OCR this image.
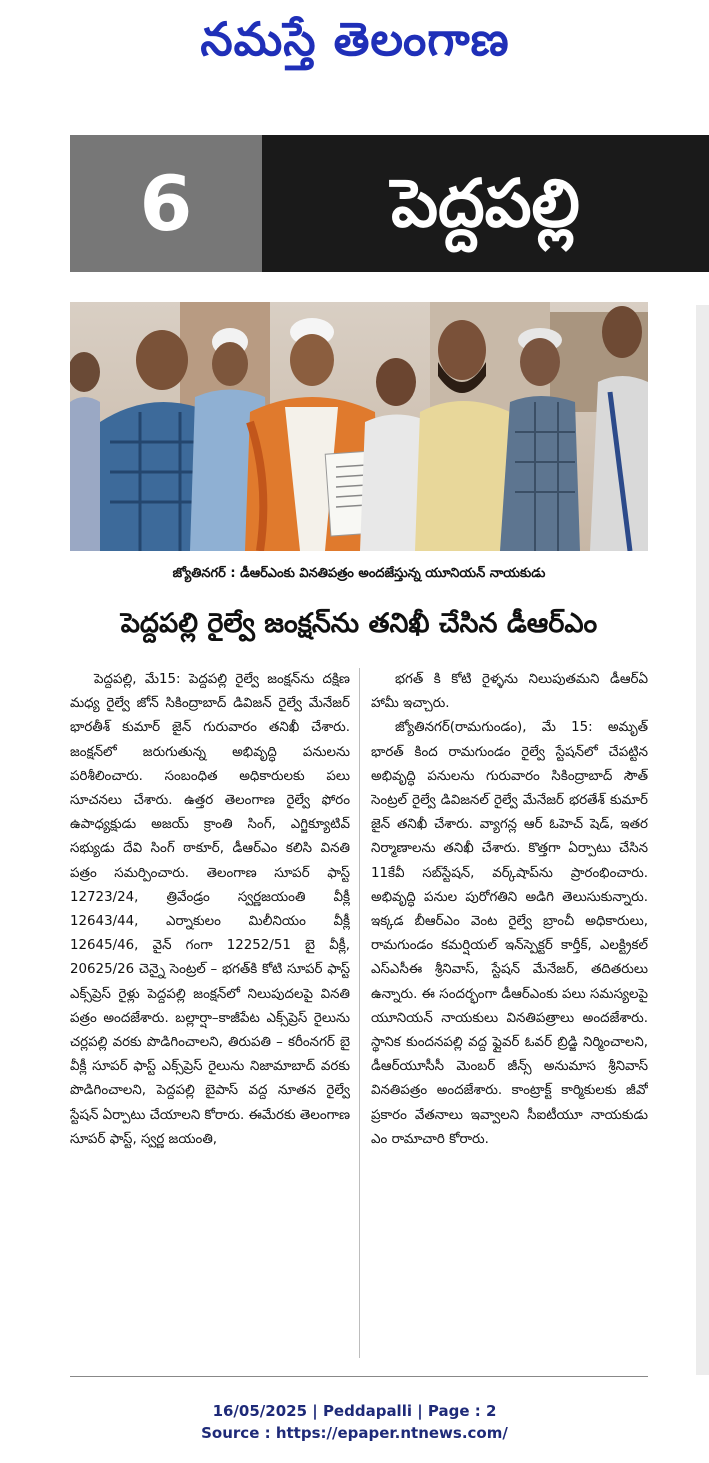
నమస్తే తెలంగాణ
6	పెద్దపల్లి
జ్యోతినగర్ : డీఆర్ఎంకు వినతిపత్రం అందజేస్తున్న యూనియన్ నాయకుడు
పెద్దపల్లి రైల్వే జంక్షన్‌ను తనిఖీ చేసిన డీఆర్ఎం

పెద్దపల్లి, మే15: పెద్దపల్లి రైల్వే జంక్షన్‌ను దక్షిణ మధ్య రైల్వే జోన్ సికింద్రాబాద్ డివిజన్ రైల్వే మేనేజర్ భారతీశ్ కుమార్ జైన్ గురువారం తనిఖీ చేశారు. జంక్షన్‌లో జరుగుతున్న అభివృద్ధి పనులను పరిశీలించారు. సంబంధిత అధికారులకు పలు సూచనలు చేశారు. ఉత్తర తెలంగాణ రైల్వే ఫోరం ఉపాధ్యక్షుడు అజయ్ క్రాంతి సింగ్, ఎగ్జిక్యూటివ్ సభ్యుడు దేవి సింగ్ ఠాకూర్, డీఆర్ఎం కలిసి వినతి పత్రం సమర్పించారు. తెలంగాణ సూపర్ ఫాస్ట్ 12723/24, త్రివేండ్రం స్వర్ణజయంతి వీక్లీ 12643/44, ఎర్నాకులం మిలీనియం వీక్లీ 12645/46, వైన్ గంగా 12252/51 బై వీక్లీ, 20625/26 చెన్నై సెంట్రల్ – భగత్‌కి కోటి సూపర్ ఫాస్ట్ ఎక్స్‌ప్రెస్ రైళ్లు పెద్దపల్లి జంక్షన్‌లో నిలుపుదలపై వినతి పత్రం అందజేశారు. బల్లార్షా–కాజీపేట ఎక్స్‌ప్రెస్ రైలును చర్లపల్లి వరకు పొడిగించాలని, తిరుపతి – కరీంనగర్ బై వీక్లీ సూపర్ ఫాస్ట్ ఎక్స్‌ప్రెస్ రైలును నిజామాబాద్ వరకు పొడిగించాలని, పెద్దపల్లి బైపాస్ వద్ద నూతన రైల్వే స్టేషన్ ఏర్పాటు చేయాలని కోరారు. ఈమేరకు తెలంగాణ సూపర్ ఫాస్ట్, స్వర్ణ జయంతి,

భగత్ కి కోటి రైళ్ళను నిలుపుతమని డీఆర్ఏ హామీ ఇచ్చారు.

జ్యోతినగర్(రామగుండం), మే 15: అమృత్ భారత్ కింద రామగుండం రైల్వే స్టేషన్‌లో చేపట్టిన అభివృద్ధి పనులను గురువారం సికింద్రాబాద్ సౌత్ సెంట్రల్ రైల్వే డివిజనల్ రైల్వే మేనేజర్ భరతేశ్ కుమార్ జైన్ తనిఖీ చేశారు. వ్యాగన్ల ఆర్ ఓహెచ్ షెడ్, ఇతర నిర్మాణాలను తనిఖీ చేశారు. కొత్తగా ఏర్పాటు చేసిన 11కేవీ సబ్‌స్టేషన్, వర్క్‌షాప్‌ను ప్రారంభించారు. అభివృద్ధి పనుల పురోగతిని అడిగి తెలుసుకున్నారు. ఇక్కడ బీఆర్ఎం వెంట రైల్వే బ్రాంచీ అధికారులు, రామగుండం కమర్షియల్ ఇన్‌స్పెక్టర్ కార్తీక్, ఎలక్ట్రికల్ ఎస్ఎసీఈ శ్రీనివాస్, స్టేషన్ మేనేజర్, తదితరులు ఉన్నారు. ఈ సందర్భంగా డీఆర్ఎంకు పలు సమస్యలపై యూనియన్ నాయకులు వినతిపత్రాలు అందజేశారు. స్థానిక కుందనపల్లి వద్ద ఫ్లైవర్ ఓవర్ బ్రిడ్జి నిర్మించాలని, డీఆర్‌యూసీసీ మెంబర్ జీన్స్ అనుమాస శ్రీనివాస్ వినతిపత్రం అందజేశారు. కాంట్రాక్ట్ కార్మికులకు జీవో ప్రకారం వేతనాలు ఇవ్వాలని సీఐటీయూ నాయకుడు ఎం రామాచారి కోరారు.

16/05/2025 | Peddapalli | Page : 2
Source : https://epaper.ntnews.com/
